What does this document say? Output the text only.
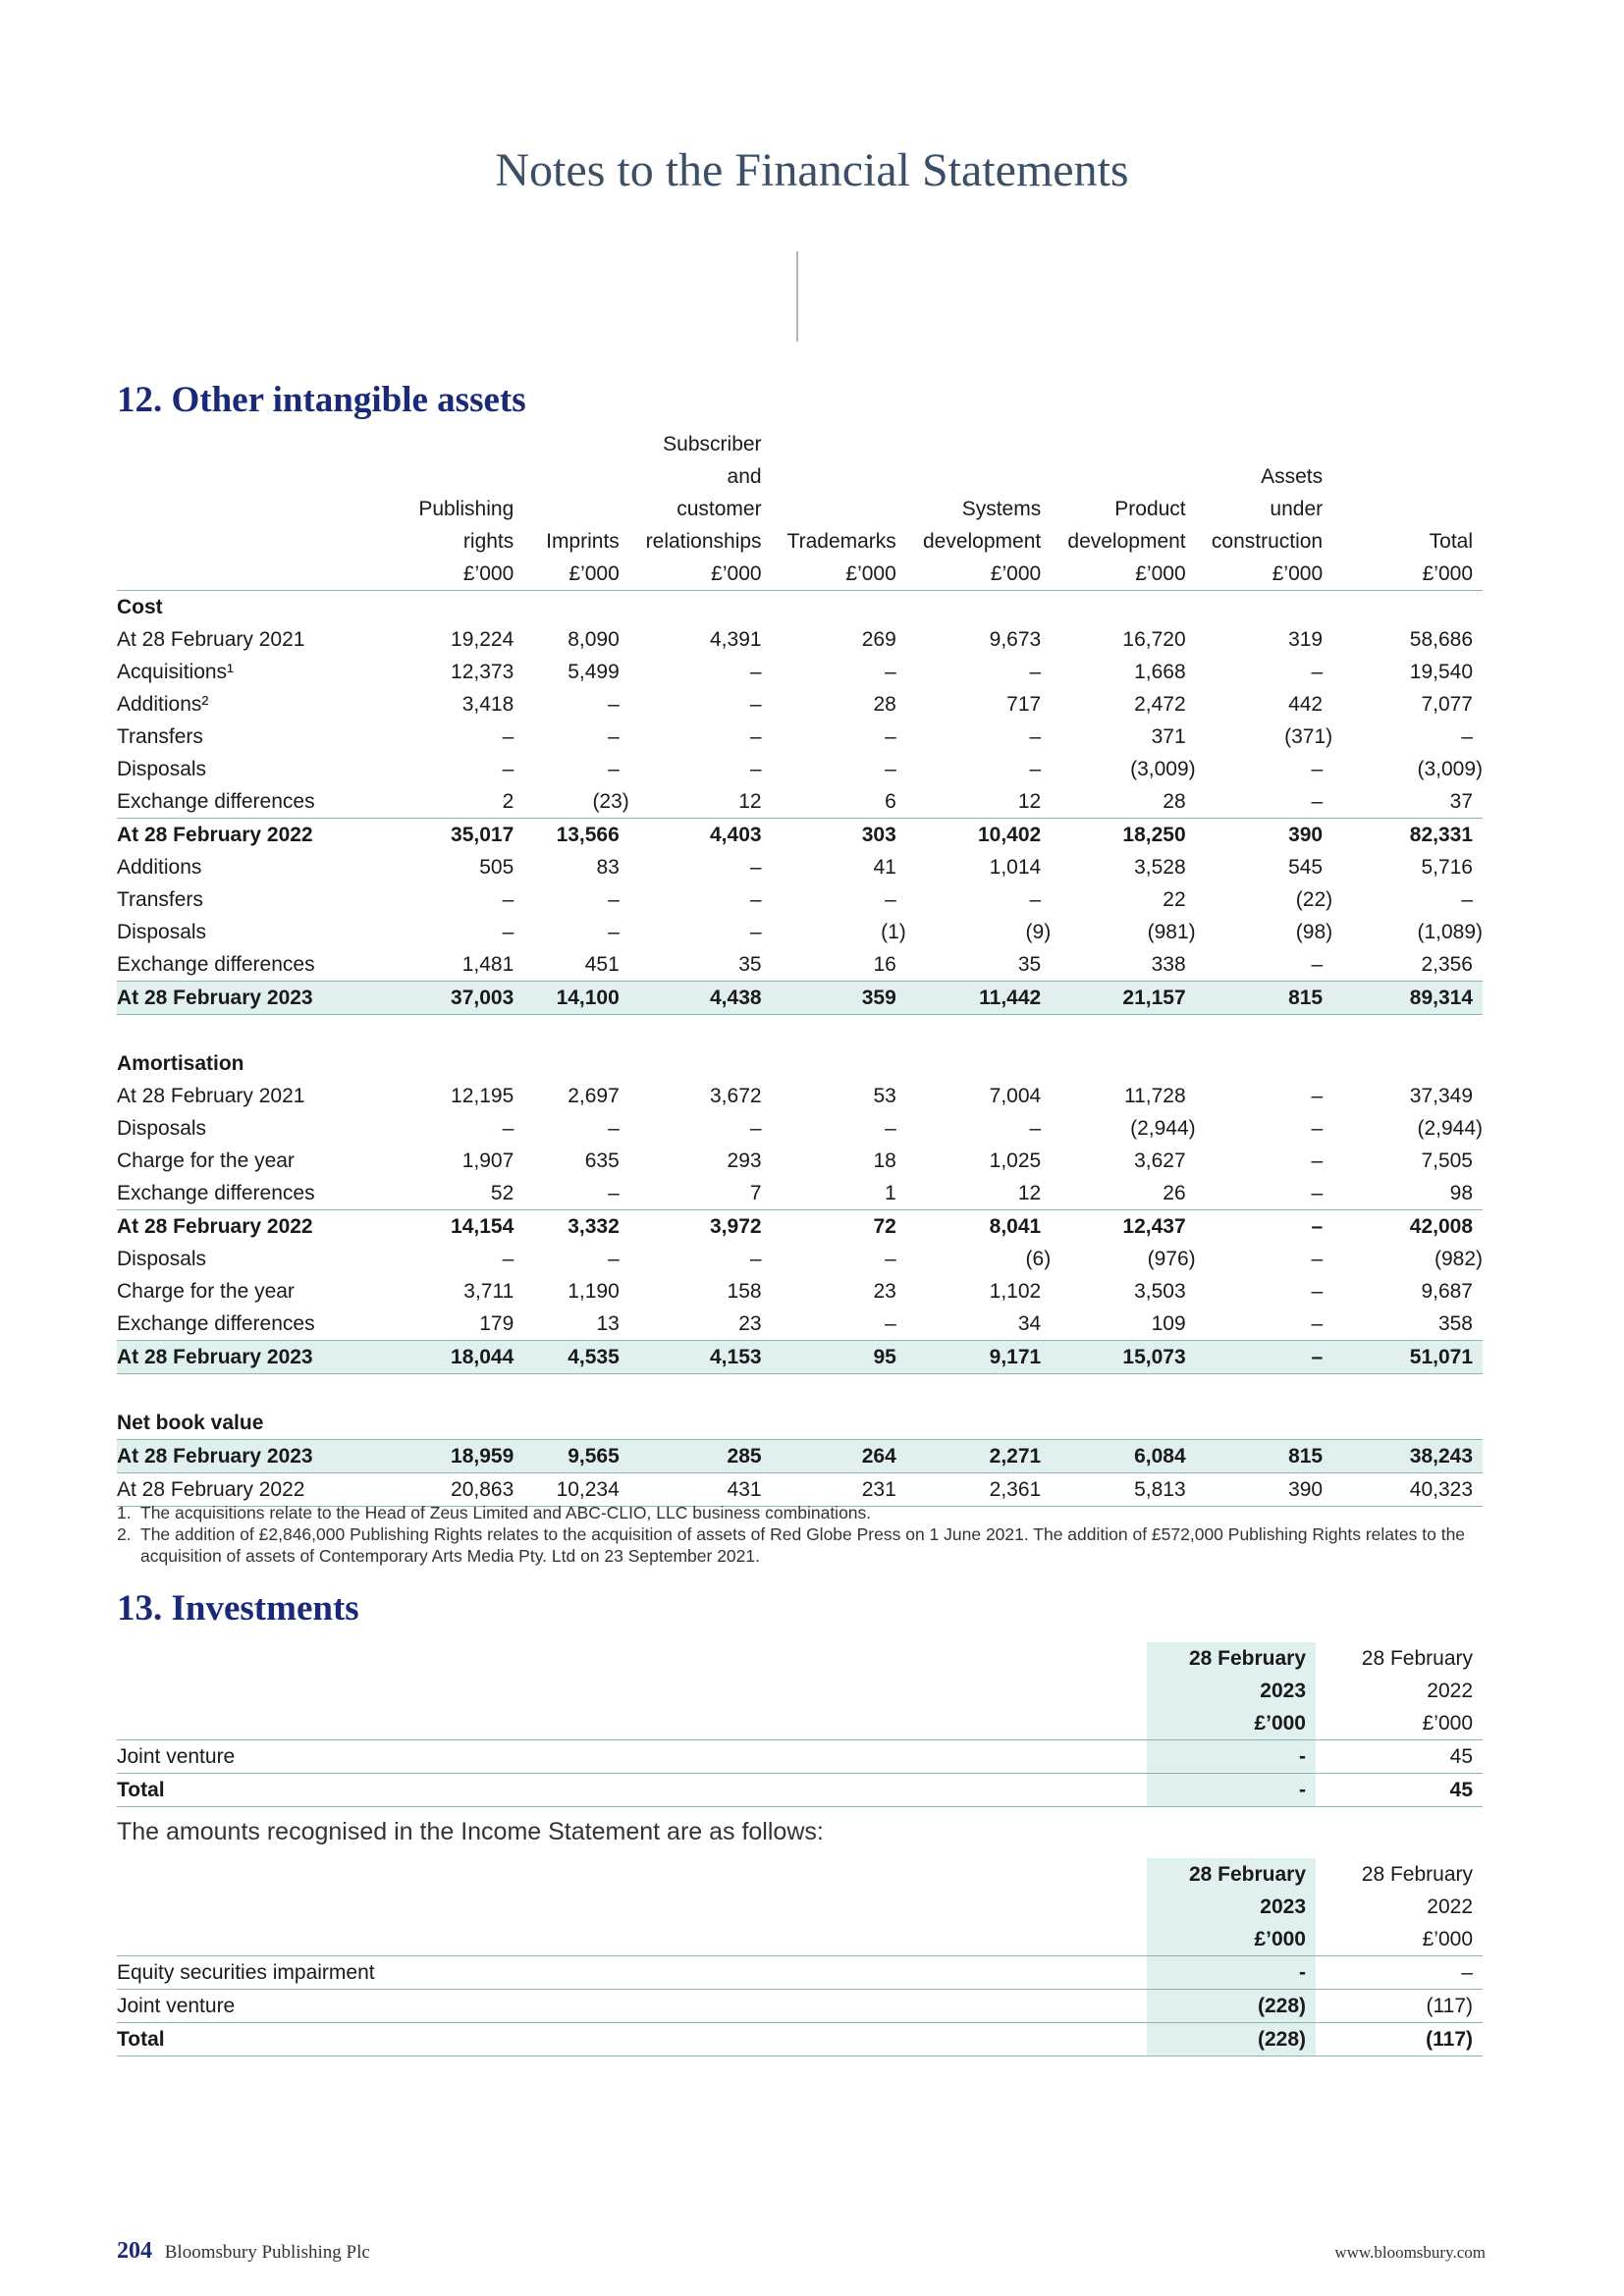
Notes to the Financial Statements
12. Other intangible assets
			Subscriber					
			and				Assets	
	Publishing		customer		Systems	Product	under	
	rights	Imprints	relationships	Trademarks	development	development	construction	Total
	£’000	£’000	£’000	£’000	£’000	£’000	£’000	£’000
Cost								
At 28 February 2021	19,224	8,090	4,391	269	9,673	16,720	319	58,686
Acquisitions¹	12,373	5,499	–	–	–	1,668	–	19,540
Additions²	3,418	–	–	28	717	2,472	442	7,077
Transfers	–	–	–	–	–	371	(371)	–
Disposals	–	–	–	–	–	(3,009)	–	(3,009)
Exchange differences	2	(23)	12	6	12	28	–	37
At 28 February 2022	35,017	13,566	4,403	303	10,402	18,250	390	82,331
Additions	505	83	–	41	1,014	3,528	545	5,716
Transfers	–	–	–	–	–	22	(22)	–
Disposals	–	–	–	(1)	(9)	(981)	(98)	(1,089)
Exchange differences	1,481	451	35	16	35	338	–	2,356
At 28 February 2023	37,003	14,100	4,438	359	11,442	21,157	815	89,314

Amortisation								
At 28 February 2021	12,195	2,697	3,672	53	7,004	11,728	–	37,349
Disposals	–	–	–	–	–	(2,944)	–	(2,944)
Charge for the year	1,907	635	293	18	1,025	3,627	–	7,505
Exchange differences	52	–	7	1	12	26	–	98
At 28 February 2022	14,154	3,332	3,972	72	8,041	12,437	–	42,008
Disposals	–	–	–	–	(6)	(976)	–	(982)
Charge for the year	3,711	1,190	158	23	1,102	3,503	–	9,687
Exchange differences	179	13	23	–	34	109	–	358
At 28 February 2023	18,044	4,535	4,153	95	9,171	15,073	–	51,071

Net book value								
At 28 February 2023	18,959	9,565	285	264	2,271	6,084	815	38,243
At 28 February 2022	20,863	10,234	431	231	2,361	5,813	390	40,323
1. The acquisitions relate to the Head of Zeus Limited and ABC-CLIO, LLC business combinations.
2. The addition of £2,846,000 Publishing Rights relates to the acquisition of assets of Red Globe Press on 1 June 2021. The addition of £572,000 Publishing Rights relates to the acquisition of assets of Contemporary Arts Media Pty. Ltd on 23 September 2021.
13. Investments
	28 February	28 February
	2023	2022
	£’000	£’000
Joint venture	-	45
Total	-	45
The amounts recognised in the Income Statement are as follows:
	28 February	28 February
	2023	2022
	£’000	£’000
Equity securities impairment	-	–
Joint venture	(228)	(117)
Total	(228)	(117)
204 Bloomsbury Publishing Plc	www.bloomsbury.com
